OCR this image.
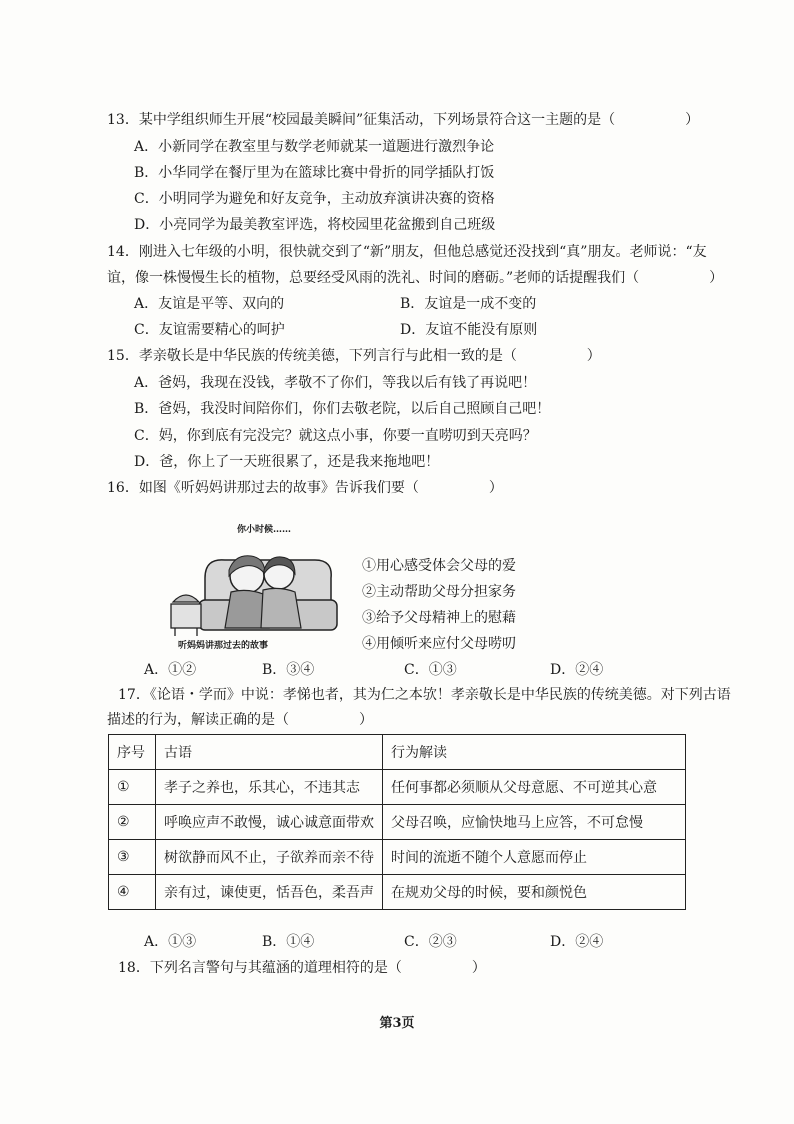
13．某中学组织师生开展“校园最美瞬间”征集活动，下列场景符合这一主题的是（　　　　　）
A．小新同学在教室里与数学老师就某一道题进行激烈争论
B．小华同学在餐厅里为在篮球比赛中骨折的同学插队打饭
C．小明同学为避免和好友竞争，主动放弃演讲决赛的资格
D．小亮同学为最美教室评选，将校园里花盆搬到自己班级
14．刚进入七年级的小明，很快就交到了“新”朋友，但他总感觉还没找到“真”朋友。老师说：“友
谊，像一株慢慢生长的植物，总要经受风雨的洗礼、时间的磨砺。”老师的话提醒我们（　　　　　）
A．友谊是平等、双向的	B．友谊是一成不变的
C．友谊需要精心的呵护	D．友谊不能没有原则
15．孝亲敬长是中华民族的传统美德，下列言行与此相一致的是（　　　　　）
A．爸妈，我现在没钱，孝敬不了你们，等我以后有钱了再说吧！
B．爸妈，我没时间陪你们，你们去敬老院，以后自己照顾自己吧！
C．妈，你到底有完没完？就这点小事，你要一直唠叨到天亮吗？
D．爸，你上了一天班很累了，还是我来拖地吧！
16．如图《听妈妈讲那过去的故事》告诉我们要（　　　　　）
你小时候……
听妈妈讲那过去的故事
①用心感受体会父母的爱
②主动帮助父母分担家务
③给予父母精神上的慰藉
④用倾听来应付父母唠叨
A．①②	B．③④	C．①③	D．②④
17．《论语・学而》中说：孝悌也者，其为仁之本欤！孝亲敬长是中华民族的传统美德。对下列古语
描述的行为，解读正确的是（　　　　　）
序号	古语	行为解读
①	孝子之养也，乐其心，不违其志	任何事都必须顺从父母意愿、不可逆其心意
②	呼唤应声不敢慢，诚心诚意面带欢	父母召唤，应愉快地马上应答，不可怠慢
③	树欲静而风不止，子欲养而亲不待	时间的流逝不随个人意愿而停止
④	亲有过，谏使更，恬吾色，柔吾声	在规劝父母的时候，要和颜悦色
A．①③	B．①④	C．②③	D．②④
18．下列名言警句与其蕴涵的道理相符的是（　　　　　）
第3页
